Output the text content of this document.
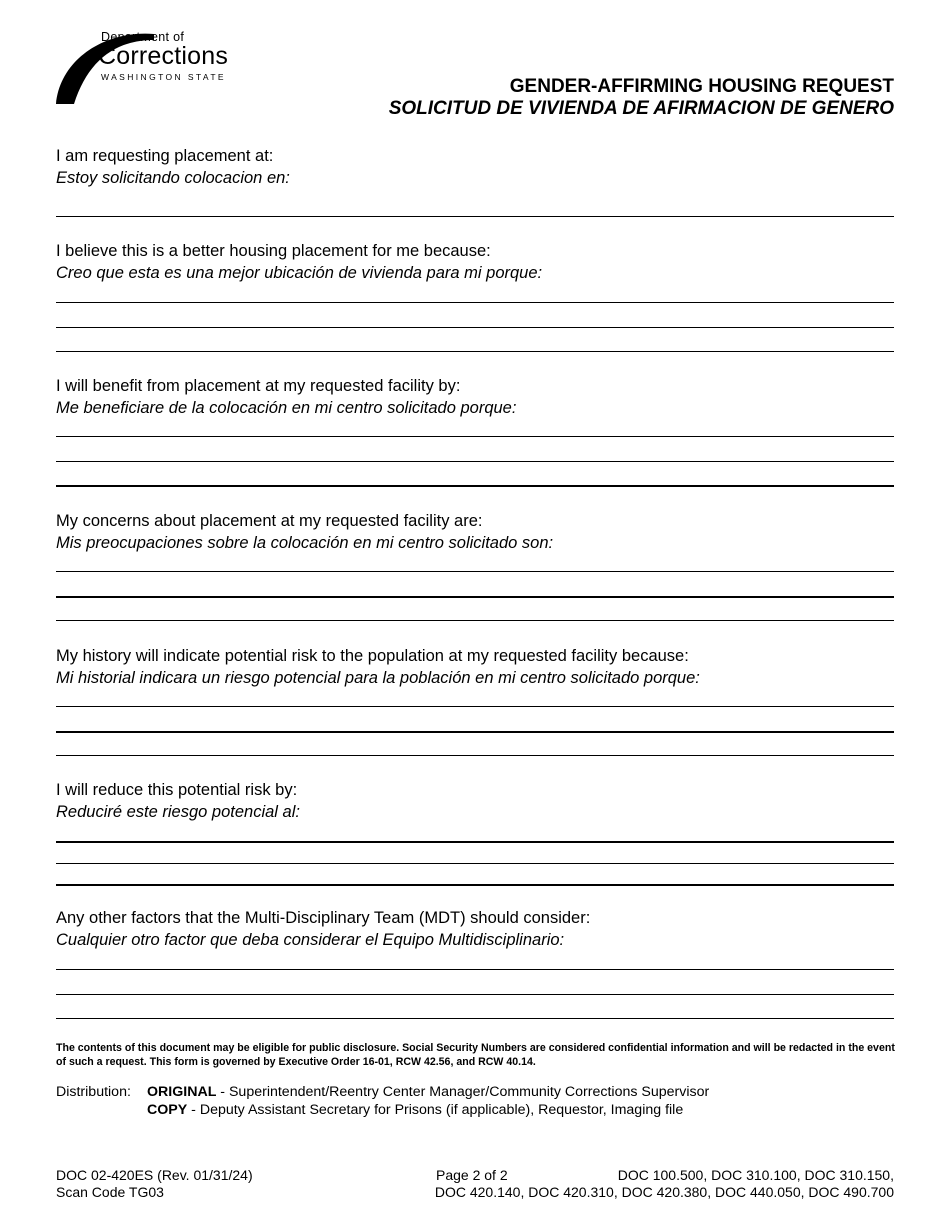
Department of
Corrections
WASHINGTON STATE	GENDER-AFFIRMING HOUSING REQUEST
SOLICITUD DE VIVIENDA DE AFIRMACION DE GENERO
I am requesting placement at:
Estoy solicitando colocacion en:
I believe this is a better housing placement for me because:
Creo que esta es una mejor ubicación de vivienda para mi porque:
I will benefit from placement at my requested facility by:
Me beneficiare de la colocación en mi centro solicitado porque:
My concerns about placement at my requested facility are:
Mis preocupaciones sobre la colocación en mi centro solicitado son:
My history will indicate potential risk to the population at my requested facility because:
Mi historial indicara un riesgo potencial para la población en mi centro solicitado porque:
I will reduce this potential risk by:
Reduciré este riesgo potencial al:
Any other factors that the Multi-Disciplinary Team (MDT) should consider:
Cualquier otro factor que deba considerar el Equipo Multidisciplinario:
The contents of this document may be eligible for public disclosure. Social Security Numbers are considered confidential information and will be redacted in the event of such a request. This form is governed by Executive Order 16-01, RCW 42.56, and RCW 40.14.
Distribution: ORIGINAL - Superintendent/Reentry Center Manager/Community Corrections Supervisor
COPY - Deputy Assistant Secretary for Prisons (if applicable), Requestor, Imaging file
DOC 02-420ES (Rev. 01/31/24)
Scan Code TG03
Page 2 of 2	DOC 100.500, DOC 310.100, DOC 310.150,
DOC 420.140, DOC 420.310, DOC 420.380, DOC 440.050, DOC 490.700
